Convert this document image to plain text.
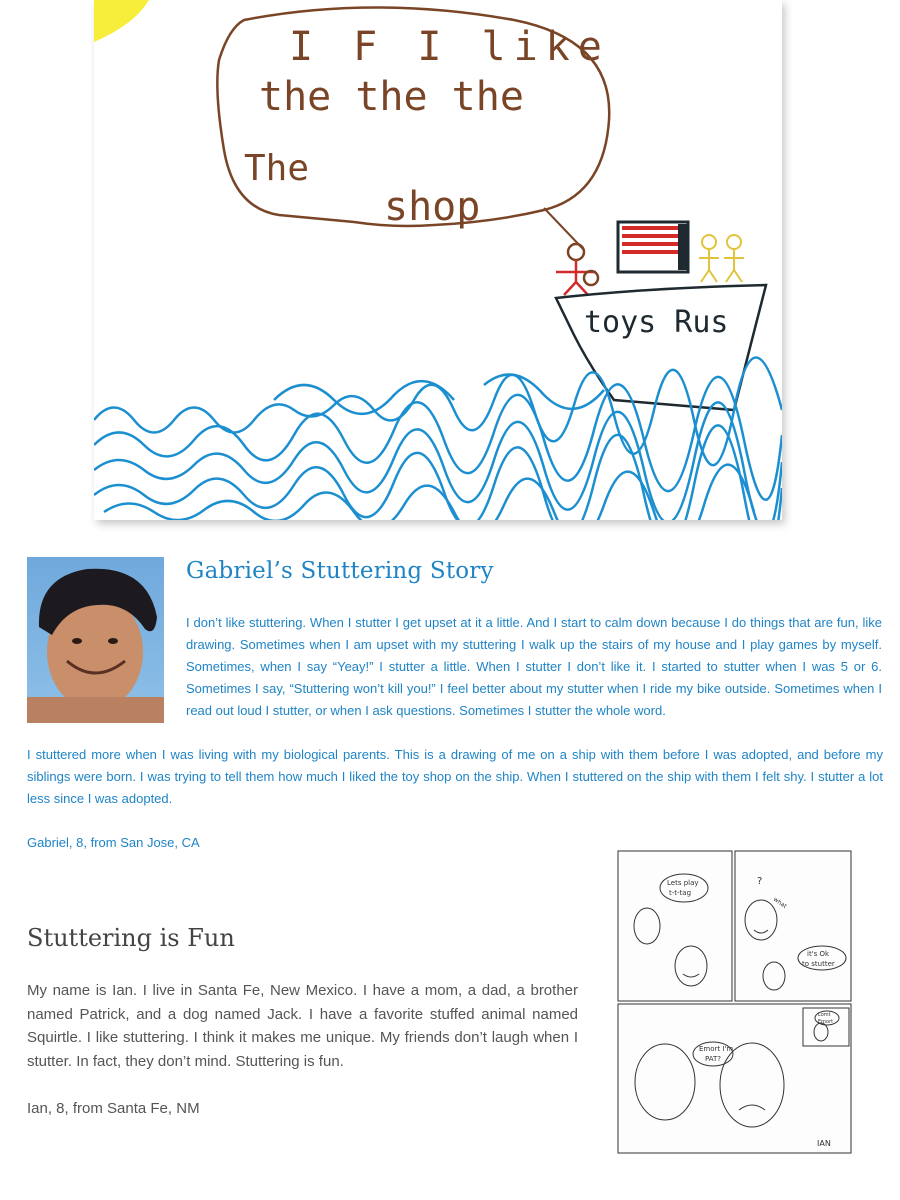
I F I like
the the the
The
shop
toys Rus
Gabriel’s Stuttering Story

I don’t like stuttering. When I stutter I get upset at it a little. And I start to calm down because I do things that are fun, like drawing. Sometimes when I am upset with my stuttering I walk up the stairs of my house and I play games by myself. Sometimes, when I say “Yeay!” I stutter a little. When I stutter I don’t like it. I started to stutter when I was 5 or 6. Sometimes I say, “Stuttering won’t kill you!” I feel better about my stutter when I ride my bike outside. Sometimes when I read out loud I stutter, or when I ask questions. Sometimes I stutter the whole word.

I stuttered more when I was living with my biological parents. This is a drawing of me on a ship with them before I was adopted, and before my siblings were born. I was trying to tell them how much I liked the toy shop on the ship. When I stuttered on the ship with them I felt shy. I stutter a lot less since I was adopted.

Gabriel, 8, from San Jose, CA

Stuttering is Fun

My name is Ian. I live in Santa Fe, New Mexico. I have a mom, a dad, a brother named Patrick, and a dog named Jack. I have a favorite stuffed animal named Squirtle. I like stuttering. I think it makes me unique. My friends don’t laugh when I stutter. In fact, they don’t mind. Stuttering is fun.

Ian, 8, from Santa Fe, NM

Lets play
t-t-tag
?
what
it's Ok
to stutter
Lomt
Emort
Emort I'm
PAT?
IAN
